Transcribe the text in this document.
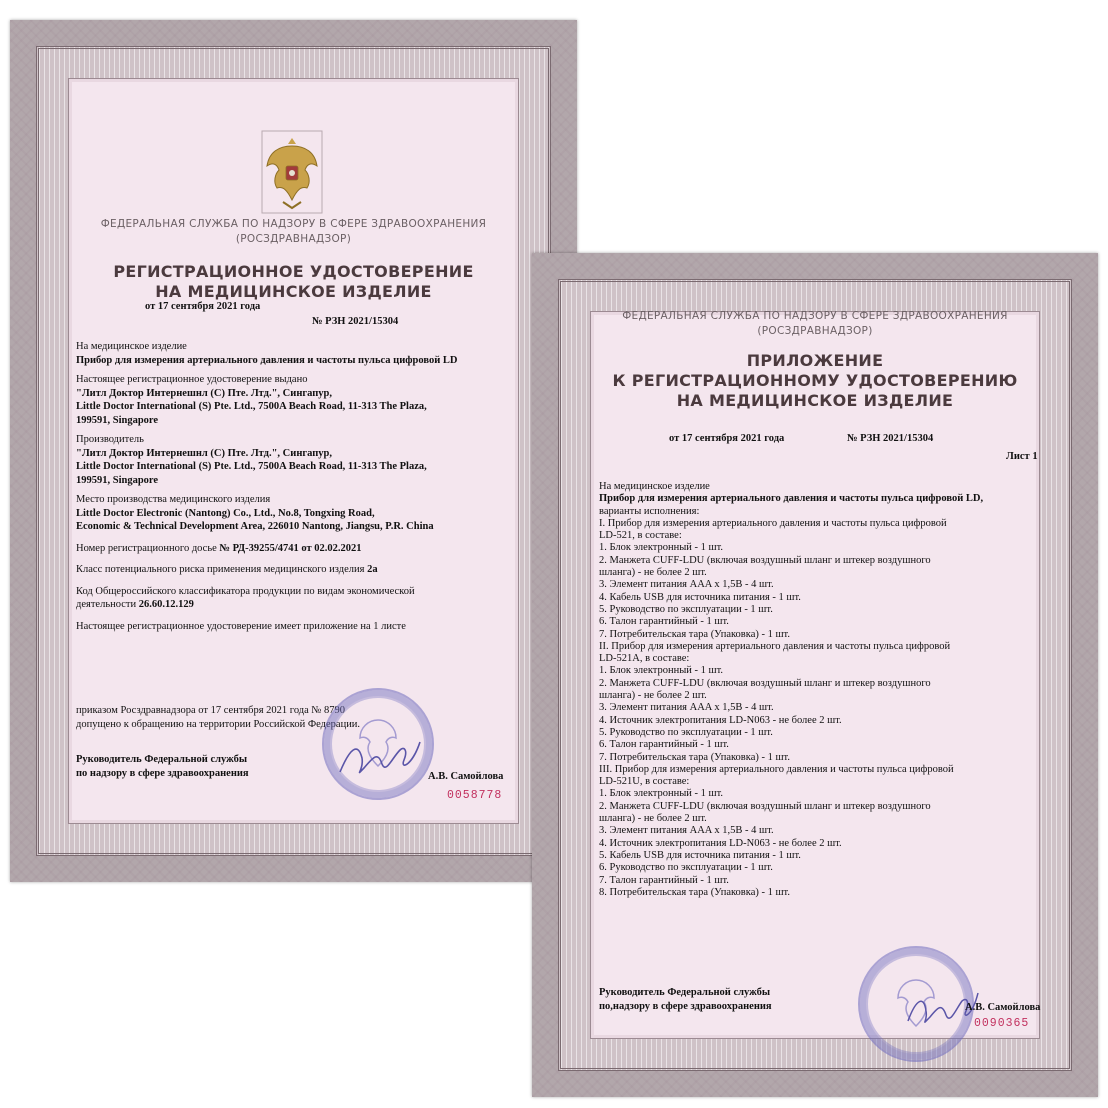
ФЕДЕРАЛЬНАЯ СЛУЖБА ПО НАДЗОРУ В СФЕРЕ ЗДРАВООХРАНЕНИЯ
(РОСЗДРАВНАДЗОР)
РЕГИСТРАЦИОННОЕ УДОСТОВЕРЕНИЕ
НА МЕДИЦИНСКОЕ ИЗДЕЛИЕ
от 17 сентября 2021 года
№ РЗН 2021/15304
На медицинское изделие
Прибор для измерения артериального давления и частоты пульса цифровой LD
Настоящее регистрационное удостоверение выдано
"Литл Доктор Интернешнл (С) Пте. Лтд.", Сингапур,
Little Doctor International (S) Pte. Ltd., 7500A Beach Road, 11-313 The Plaza,
199591, Singapore
Производитель
"Литл Доктор Интернешнл (С) Пте. Лтд.", Сингапур,
Little Doctor International (S) Pte. Ltd., 7500A Beach Road, 11-313 The Plaza,
199591, Singapore
Место производства медицинского изделия
Little Doctor Electronic (Nantong) Co., Ltd., No.8, Tongxing Road,
Economic & Technical Development Area, 226010 Nantong, Jiangsu, P.R. China
Номер регистрационного досье № РД-39255/4741 от 02.02.2021
Класс потенциального риска применения медицинского изделия 2а
Код Общероссийского классификатора продукции по видам экономической
деятельности 26.60.12.129
Настоящее регистрационное удостоверение имеет приложение на 1 листе
приказом Росздравнадзора от 17 сентября 2021 года № 8790
допущено к обращению на территории Российской Федерации.
Руководитель Федеральной службы
по надзору в сфере здравоохранения	А.В. Самойлова
0058778
ФЕДЕРАЛЬНАЯ СЛУЖБА ПО НАДЗОРУ В СФЕРЕ ЗДРАВООХРАНЕНИЯ
(РОСЗДРАВНАДЗОР)
ПРИЛОЖЕНИЕ
К РЕГИСТРАЦИОННОМУ УДОСТОВЕРЕНИЮ
НА МЕДИЦИНСКОЕ ИЗДЕЛИЕ
от 17 сентября 2021 года	№ РЗН 2021/15304
Лист 1
На медицинское изделие
Прибор для измерения артериального давления и частоты пульса цифровой LD,
варианты исполнения:
I. Прибор для измерения артериального давления и частоты пульса цифровой
LD-521, в составе:
1. Блок электронный - 1 шт.
2. Манжета CUFF-LDU (включая воздушный шланг и штекер воздушного
шланга) - не более 2 шт.
3. Элемент питания AAA x 1,5В - 4 шт.
4. Кабель USB для источника питания - 1 шт.
5. Руководство по эксплуатации - 1 шт.
6. Талон гарантийный - 1 шт.
7. Потребительская тара (Упаковка) - 1 шт.
II. Прибор для измерения артериального давления и частоты пульса цифровой
LD-521A, в составе:
1. Блок электронный - 1 шт.
2. Манжета CUFF-LDU (включая воздушный шланг и штекер воздушного
шланга) - не более 2 шт.
3. Элемент питания AAA x 1,5В - 4 шт.
4. Источник электропитания LD-N063 - не более 2 шт.
5. Руководство по эксплуатации - 1 шт.
6. Талон гарантийный - 1 шт.
7. Потребительская тара (Упаковка) - 1 шт.
III. Прибор для измерения артериального давления и частоты пульса цифровой
LD-521U, в составе:
1. Блок электронный - 1 шт.
2. Манжета CUFF-LDU (включая воздушный шланг и штекер воздушного
шланга) - не более 2 шт.
3. Элемент питания AAA x 1,5В - 4 шт.
4. Источник электропитания LD-N063 - не более 2 шт.
5. Кабель USB для источника питания - 1 шт.
6. Руководство по эксплуатации - 1 шт.
7. Талон гарантийный - 1 шт.
8. Потребительская тара (Упаковка) - 1 шт.
Руководитель Федеральной службы
по,надзору в сфере здравоохранения	А.В. Самойлова
0090365
